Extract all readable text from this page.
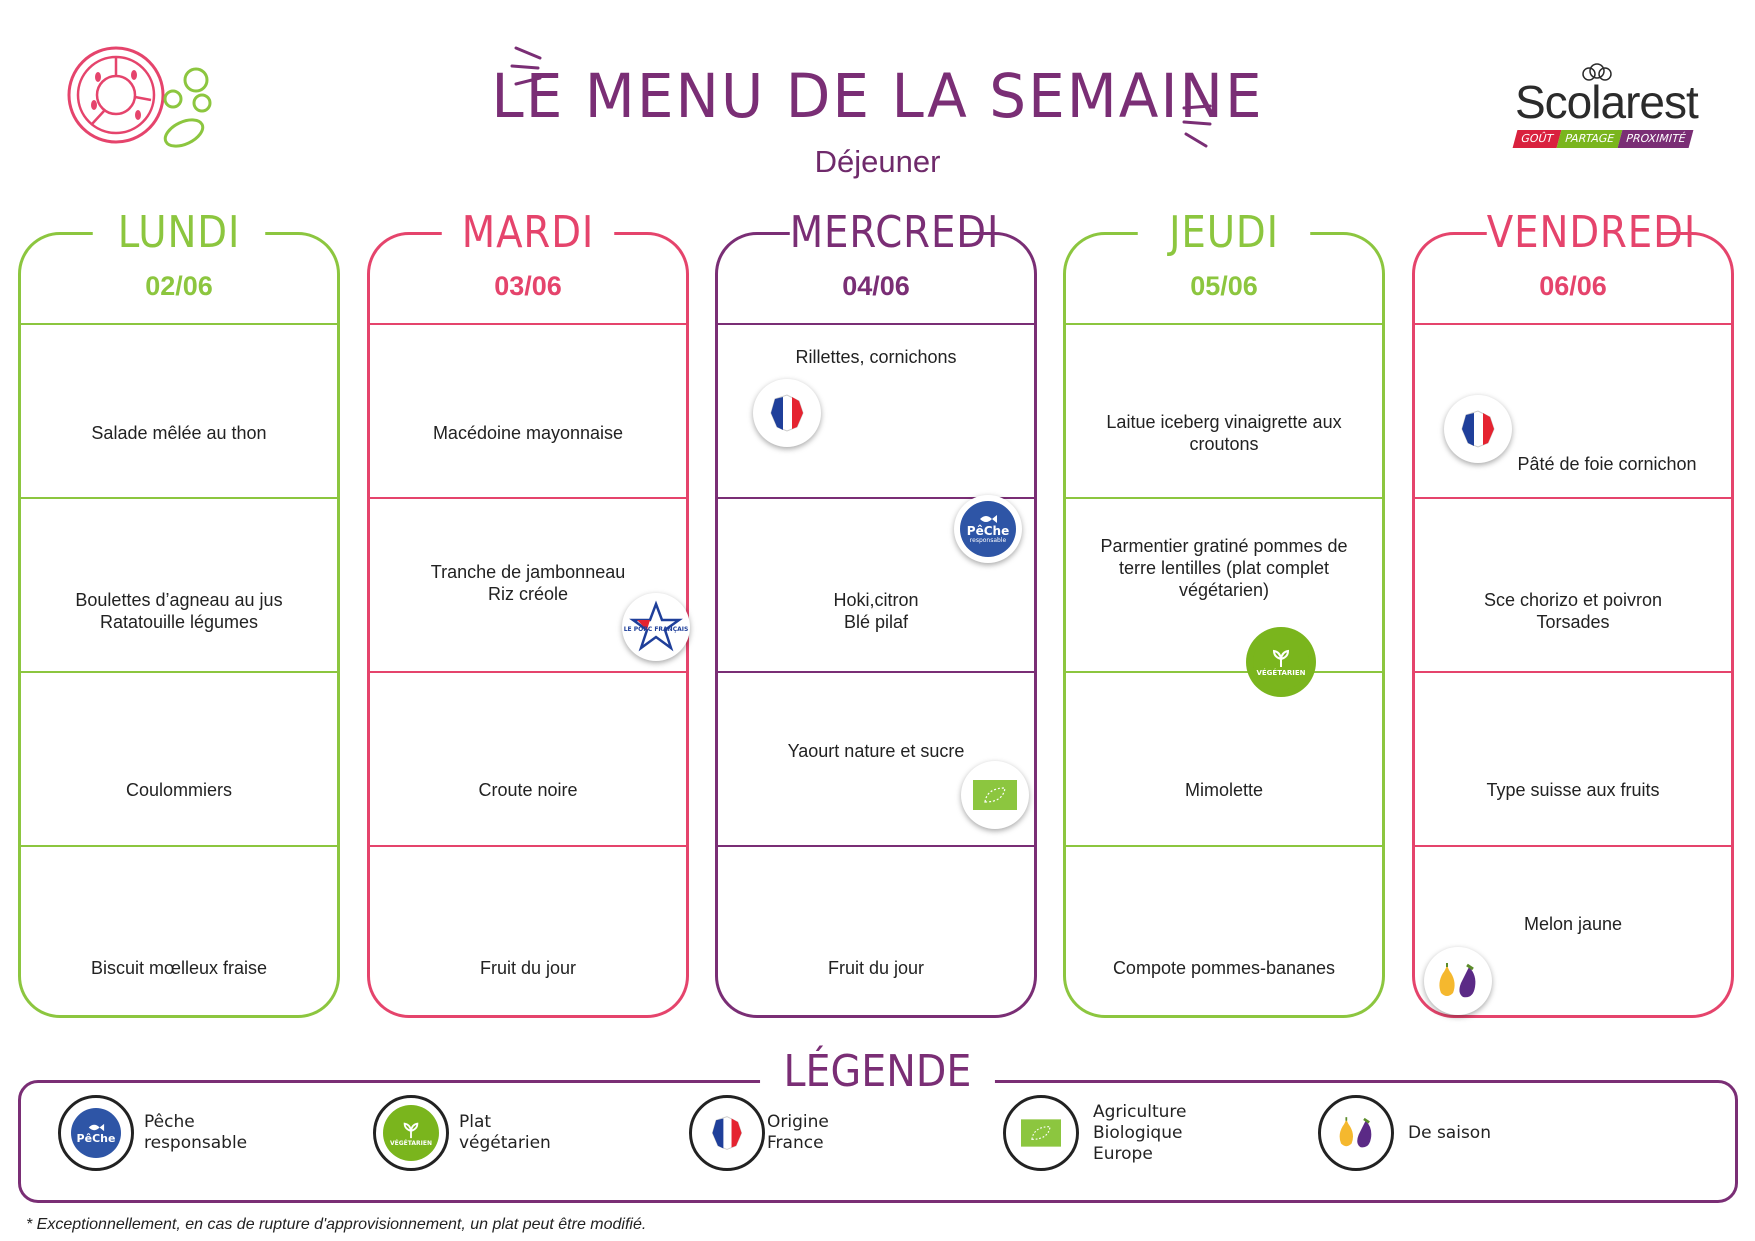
LE MENU DE LA SEMAINE
Déjeuner
Scolarest
GOÛT PARTAGE PROXIMITÉ
LUNDI
02/06
Salade mêlée au thon
Boulettes d’agneau au jus
Ratatouille légumes
Coulommiers
Biscuit mœlleux fraise
MARDI
03/06
Macédoine mayonnaise
Tranche de jambonneau
Riz créole
Croute noire
Fruit du jour
MERCREDI
04/06
Rillettes, cornichons
Hoki,citron
Blé pilaf
Yaourt nature et sucre
Fruit du jour
JEUDI
05/06
Laitue iceberg vinaigrette aux
croutons
Parmentier gratiné pommes de
terre lentilles (plat complet
végétarien)
Mimolette
Compote pommes-bananes
VENDREDI
06/06
Pâté de foie cornichon
Sce chorizo et poivron
Torsades
Type suisse aux fruits
Melon jaune
PêChe
responsable
LE PORC FRANÇAIS
VÉGÉTARIEN
LÉGENDE
PêChe
Pêche
responsable	VÉGÉTARIEN
Plat
végétarien
Origine
France
Agriculture
Biologique
Europe
De saison
* Exceptionnellement, en cas de rupture d'approvisionnement, un plat peut être modifié.
